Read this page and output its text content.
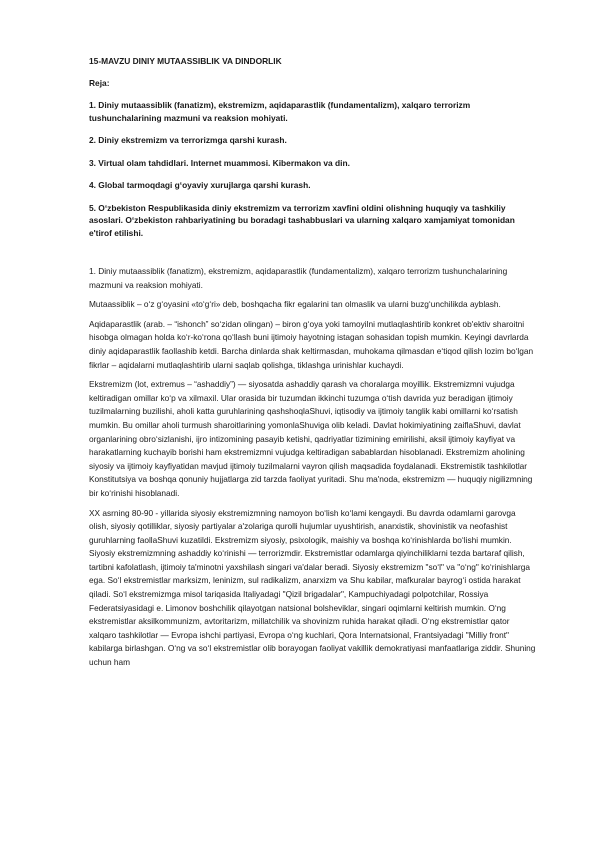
15-MAVZU DINIY MUTAASSIBLIK VA DINDORLIK
Reja:
1. Diniy mutaassiblik (fanatizm), ekstremizm, aqidaparastlik (fundamentalizm), xalqaro terrorizm tushunchalarining mazmuni va reaksion mohiyati.
2. Diniy ekstremizm va terrorizmga qarshi kurash.
3. Virtual olam tahdidlari. Internet muammosi. Kibermakon va din.
4. Global tarmoqdagi g‘oyaviy xurujlarga qarshi kurash.
5. O‘zbekiston Respublikasida diniy ekstremizm va terrorizm xavfini oldini olishning huquqiy va tashkiliy asoslari. O‘zbekiston rahbariyatining bu boradagi tashabbuslari va ularning xalqaro xamjamiyat tomonidan e'tirof etilishi.

1. Diniy mutaassiblik (fanatizm), ekstremizm, aqidaparastlik (fundamentalizm), xalqaro terrorizm tushunchalarining mazmuni va reaksion mohiyati.

Mutaassiblik – o‘z g‘oyasini «to‘g‘ri» deb, boshqacha fikr egalarini tan olmaslik va ularni buzg‘unchilikda ayblash.

Aqidaparastlik (arab. – “ishonch” so‘zidan olingan) – biron g‘oya yoki tamoyilni mutlaqlashtirib konkret ob'ektiv sharoitni hisobga olmagan holda ko‘r-ko‘rona qo‘llash buni ijtimoiy hayotning istagan sohasidan topish mumkin. Keyingi davrlarda diniy aqidaparastlik faollashib ketdi. Barcha dinlarda shak keltirmasdan, muhokama qilmasdan e‘tiqod qilish lozim bo‘lgan fikrlar – aqidalarni mutlaqlashtirib ularni saqlab qolishga, tiklashga urinishlar kuchaydi.

Ekstremizm (lot, extremus – “ashaddiy”) — siyosatda ashaddiy qarash va choralarga moyillik. Ekstremizmni vujudga keltiradigan omillar ko‘p va xilmaxil. Ular orasida bir tuzumdan ikkinchi tuzumga o‘tish davrida yuz beradigan ijtimoiy tuzilmalarning buzilishi, aholi katta guruhlarining qashshoqlaShuvi, iqtisodiy va ijtimoiy tanglik kabi omillarni ko‘rsatish mumkin. Bu omillar aholi turmush sharoitlarining yomonlaShuviga olib keladi. Davlat hokimiyatining zaiflaShuvi, davlat organlarining obro‘sizlanishi, ijro intizomining pasayib ketishi, qadriyatlar tizimining emirilishi, aksil ijtimoiy kayfiyat va harakatlarning kuchayib borishi ham ekstremizmni vujudga keltiradigan sabablardan hisoblanadi. Ekstremizm aholining siyosiy va ijtimoiy kayfiyatidan mavjud ijtimoiy tuzilmalarni vayron qilish maqsadida foydalanadi. Ekstremistik tashkilotlar Konstitutsiya va boshqa qonuniy hujjatlarga zid tarzda faoliyat yuritadi. Shu ma'noda, ekstremizm — huquqiy nigilizmning bir ko‘rinishi hisoblanadi.

XX asrning 80-90 - yillarida siyosiy ekstremizmning namoyon bo‘lish ko‘lami kengaydi. Bu davrda odamlarni garovga olish, siyosiy qotilliklar, siyosiy partiyalar a'zolariga qurolli hujumlar uyushtirish, anarxistik, shovinistik va neofashist guruhlarning faollaShuvi kuzatildi. Ekstremizm siyosiy, psixologik, maishiy va boshqa ko‘rinishlarda bo‘lishi mumkin. Siyosiy ekstremizmning ashaddiy ko‘rinishi — terrorizmdir. Ekstremistlar odamlarga qiyinchiliklarni tezda bartaraf qilish, tartibni kafolatlash, ijtimoiy ta'minotni yaxshilash singari va'dalar beradi. Siyosiy ekstremizm "so‘l" va "o‘ng" ko‘rinishlarga ega. So‘l ekstremistlar marksizm, leninizm, sul radikalizm, anarxizm va Shu kabilar, mafkuralar bayrog‘i ostida harakat qiladi. So‘l ekstremizmga misol tariqasida Italiyadagi "Qizil brigadalar", Kampuchiyadagi polpotchilar, Rossiya Federatsiyasidagi e. Limonov boshchilik qilayotgan natsional bolsheviklar, singari oqimlarni keltirish mumkin. O‘ng ekstremistlar aksilkommunizm, avtoritarizm, millatchilik va shovinizm ruhida harakat qiladi. O‘ng ekstremistlar qator xalqaro tashkilotlar — Evropa ishchi partiyasi, Evropa o‘ng kuchlari, Qora Internatsional, Frantsiyadagi "Milliy front" kabilarga birlashgan. O‘ng va so‘l ekstremistlar olib borayogan faoliyat vakillik demokratiyasi manfaatlariga ziddir. Shuning uchun ham
